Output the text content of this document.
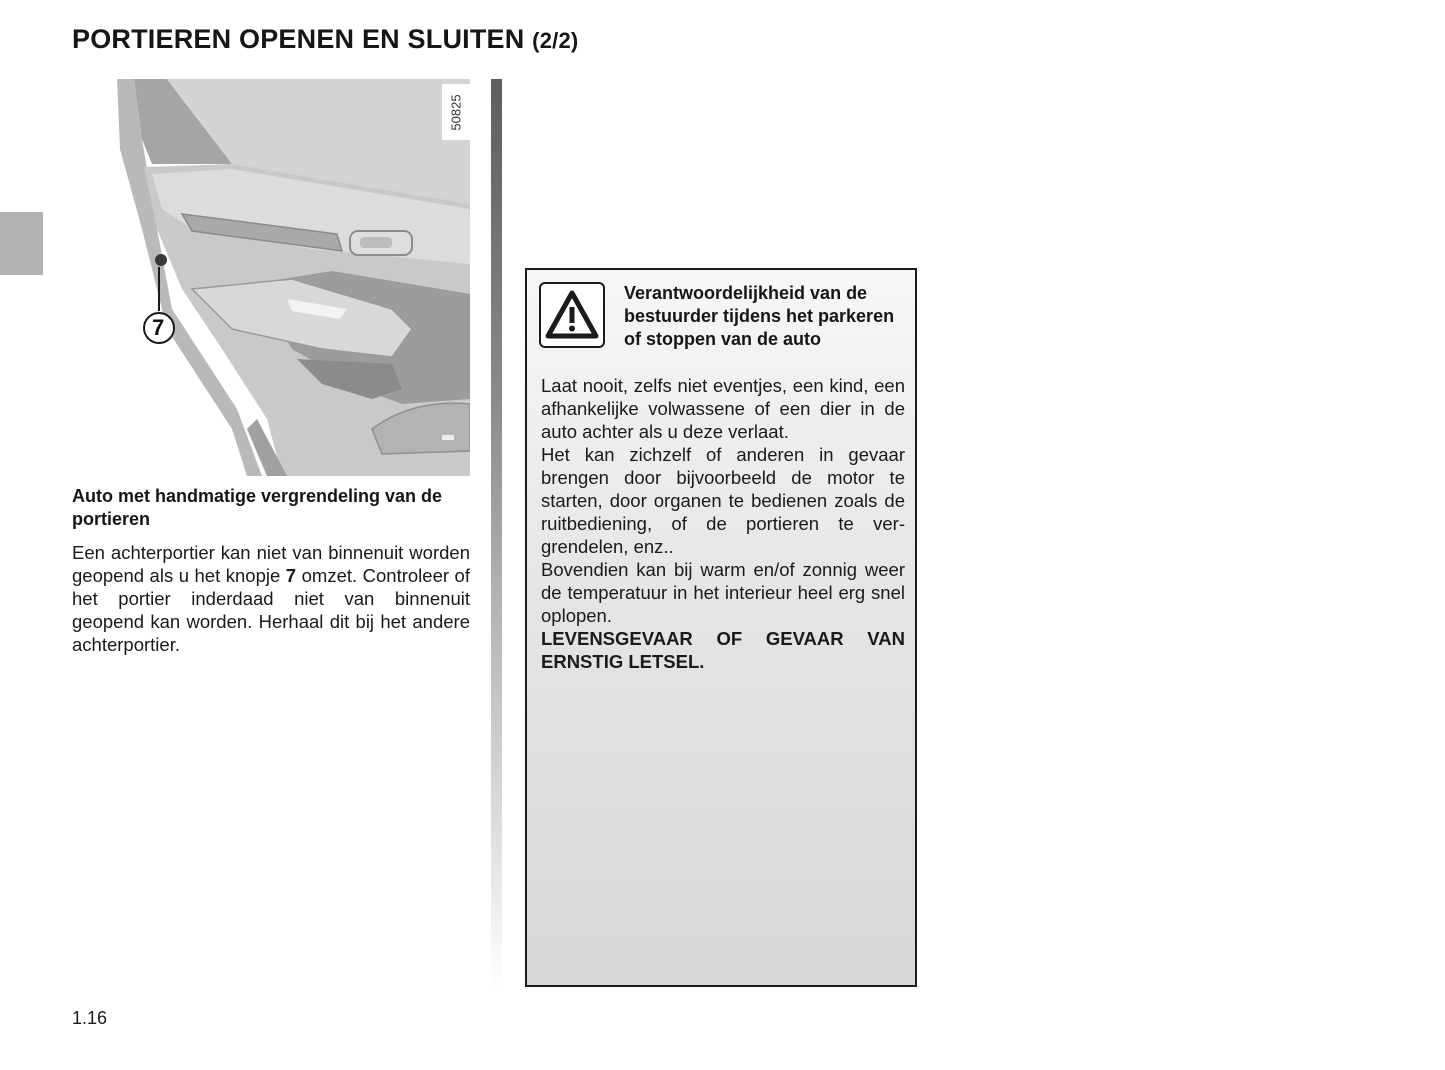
PORTIEREN OPENEN EN SLUITEN (2/2)
7
50825
Auto met handmatige vergrendeling van de portieren

Een achterportier kan niet van binnenuit worden geopend als u het knopje 7 omzet. Controleer of het portier inderdaad niet van binnenuit geopend kan worden. Herhaal dit bij het andere achterportier.

Verantwoordelijkheid van de bestuurder tijdens het parkeren of stoppen van de auto

Laat nooit, zelfs niet eventjes, een kind, een afhankelijke volwassene of een dier in de auto achter als u deze verlaat.

Het kan zichzelf of anderen in gevaar brengen door bijvoorbeeld de motor te starten, door organen te bedienen zoals de ruitbediening, of de portieren te ver-grendelen, enz..

Bovendien kan bij warm en/of zonnig weer de temperatuur in het interieur heel erg snel oplopen.

LEVENSGEVAAR OF GEVAAR VAN ERNSTIG LETSEL.

1.16
